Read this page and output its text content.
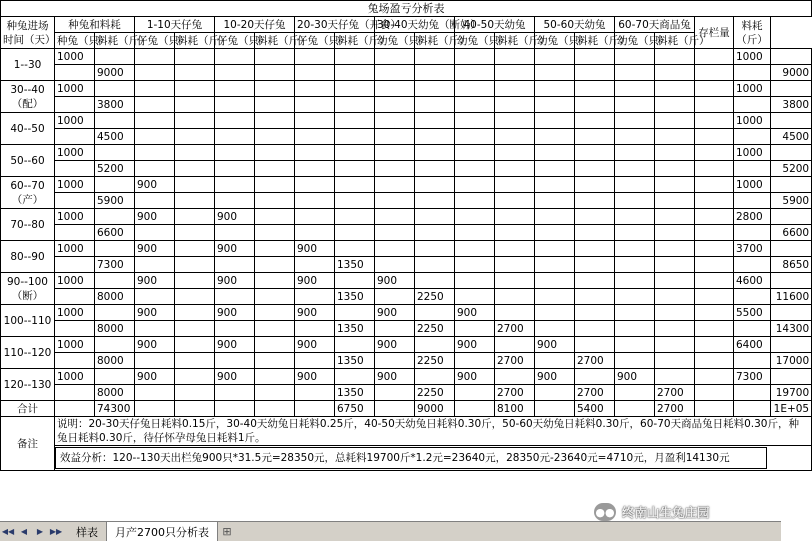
兔场盈亏分析表																			
种兔进场时间（天）	种兔和料耗		1-10天仔兔		10-20天仔兔		20-30天仔兔（开食）		30-40天幼兔（断奶）		40-50天幼兔		50-60天幼兔		60-70天商品兔		存栏量	料耗（斤）	
	种兔（只）	料耗（斤）	仔兔（只）	料耗（斤）	仔兔（只）	料耗（斤）	仔兔（只）	料耗（斤）	幼兔（只）	料耗（斤）	幼兔（只）	料耗（斤）	幼兔（只）	料耗（斤）	幼兔（只）	料耗（斤）			
1--30	1000																	1000	
		9000																	9000
30--40（配）	1000																	1000	
		3800																	3800
40--50	1000																	1000	
		4500																	4500
50--60	1000																	1000	
		5200																	5200
60--70（产）	1000		900															1000	
		5900																	5900
70--80	1000		900		900													2800	
		6600																	6600
80--90	1000		900		900		900											3700	
		7300						1350											8650
90--100（断）	1000		900		900		900		900									4600	
		8000						1350		2250									11600
100--110	1000		900		900		900		900		900							5500	
		8000						1350		2250		2700							14300
110--120	1000		900		900		900		900		900		900					6400	
		8000						1350		2250		2700		2700					17000
120--130	1000		900		900		900		900		900		900		900			7300	
		8000						1350		2250		2700		2700		2700			19700
合计		74300						6750		9000		8100		5400		2700			1E+05
备注	说明：20-30天仔兔日耗料0.15斤，30-40天幼兔日耗料0.25斤，40-50天幼兔日耗料0.30斤，50-60天幼兔日耗料0.30斤，60-70天商品兔日耗料0.30斤，种兔日耗料0.30斤，待仔怀孕母兔日耗料1斤。																		
	效益分析：120--130天出栏兔900只*31.5元=28350元，总耗料19700斤*1.2元=23640元，28350元-23640元=4710元，月盈利14130元																		
◀◀ ◀	▶ ▶▶	样表	月产2700只分析表	⊞
●● 终南山生兔庄园
